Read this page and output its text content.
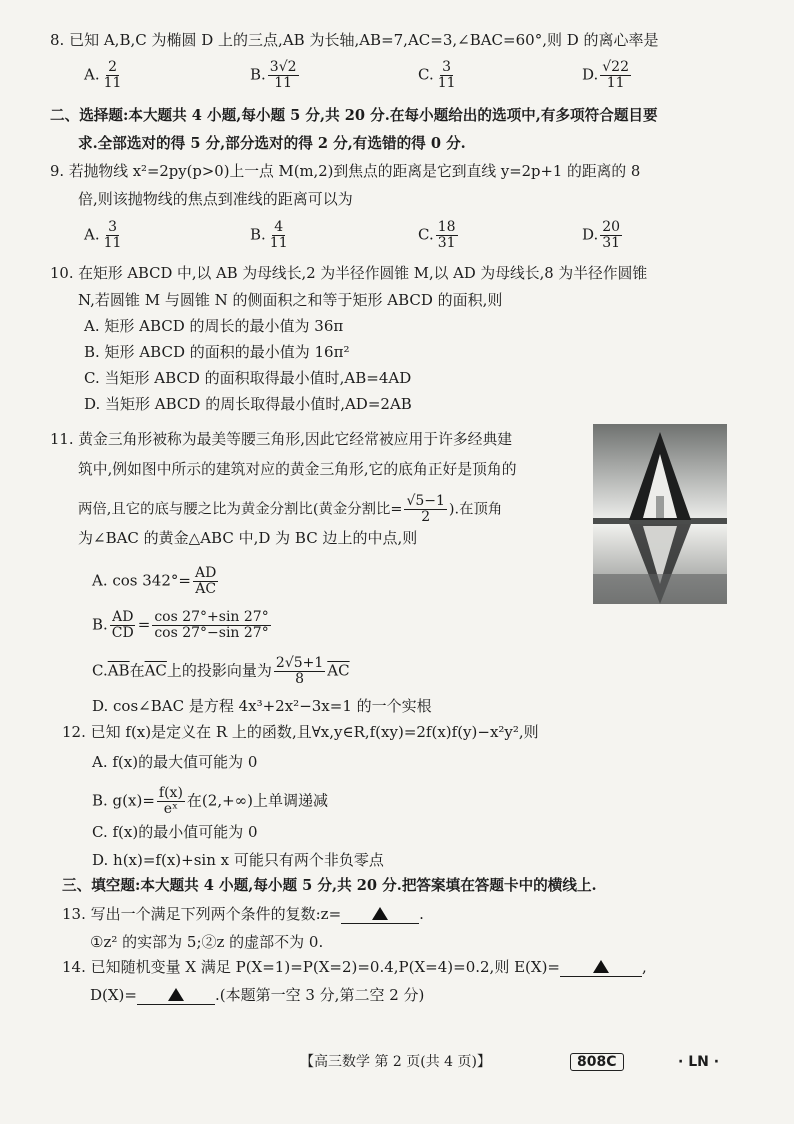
8. 已知 A,B,C 为椭圆 D 上的三点,AB 为长轴,AB=7,AC=3,∠BAC=60°,则 D 的离心率是
A. $\frac{2}{11}$	B. $\frac{3√2}{11}$	C. $\frac{3}{11}$	D. $\frac{√22}{11}$
二、选择题:本大题共 4 小题,每小题 5 分,共 20 分.在每小题给出的选项中,有多项符合题目要
求.全部选对的得 5 分,部分选对的得 2 分,有选错的得 0 分.
9. 若抛物线 x²=2py(p>0)上一点 M(m,2)到焦点的距离是它到直线 y=2p+1 的距离的 8
倍,则该抛物线的焦点到准线的距离可以为
A. $\frac{3}{11}$	B. $\frac{4}{11}$	C. $\frac{18}{31}$	D. $\frac{20}{31}$
10. 在矩形 ABCD 中,以 AB 为母线长,2 为半径作圆锥 M,以 AD 为母线长,8 为半径作圆锥
N,若圆锥 M 与圆锥 N 的侧面积之和等于矩形 ABCD 的面积,则
A. 矩形 ABCD 的周长的最小值为 36π
B. 矩形 ABCD 的面积的最小值为 16π²
C. 当矩形 ABCD 的面积取得最小值时,AB=4AD
D. 当矩形 ABCD 的周长取得最小值时,AD=2AB
11. 黄金三角形被称为最美等腰三角形,因此它经常被应用于许多经典建
筑中,例如图中所示的建筑对应的黄金三角形,它的底角正好是顶角的
两倍,且它的底与腰之比为黄金分割比(黄金分割比= $\frac{√5-1}{2}$ ).在顶角
为∠BAC 的黄金△ABC 中,D 为 BC 边上的中点,则
A. $\cos 342^\circ= \frac{AD}{AC}$
B. $\frac{AD}{CD} = \frac{\cos 27^\circ+\sin 27^\circ}{\cos 27^\circ-\sin 27^\circ}$
$C.\overline{AB}$在$\overline{AC}$上的投影向量为 $\frac{2√5+1}{8} \overline{AC}$
D. cos∠BAC 是方程 4x³+2x²−3x=1 的一个实根
12. 已知 f(x)是定义在 R 上的函数,且∀x,y∈R,f(xy)=2f(x)f(y)−x²y²,则
A. f(x)的最大值可能为 0
B. $g(x)= \frac{f(x)}{\text{eˣ}}$ 在(2,+∞)上单调递减
C. f(x)的最小值可能为 0
D. h(x)=f(x)+sin x 可能只有两个非负零点
三、填空题:本大题共 4 小题,每小题 5 分,共 20 分.把答案填在答题卡中的横线上.
13. 写出一个满足下列两个条件的复数:z=	.
①z² 的实部为 5;②z 的虚部不为 0.
14. 已知随机变量 X 满足 P(X=1)=P(X=2)=0.4,P(X=4)=0.2,则 E(X)=	,
D(X)=	.(本题第一空 3 分,第二空 2 分)
【高三数学 第 2 页(共 4 页)】	808C	· LN ·
